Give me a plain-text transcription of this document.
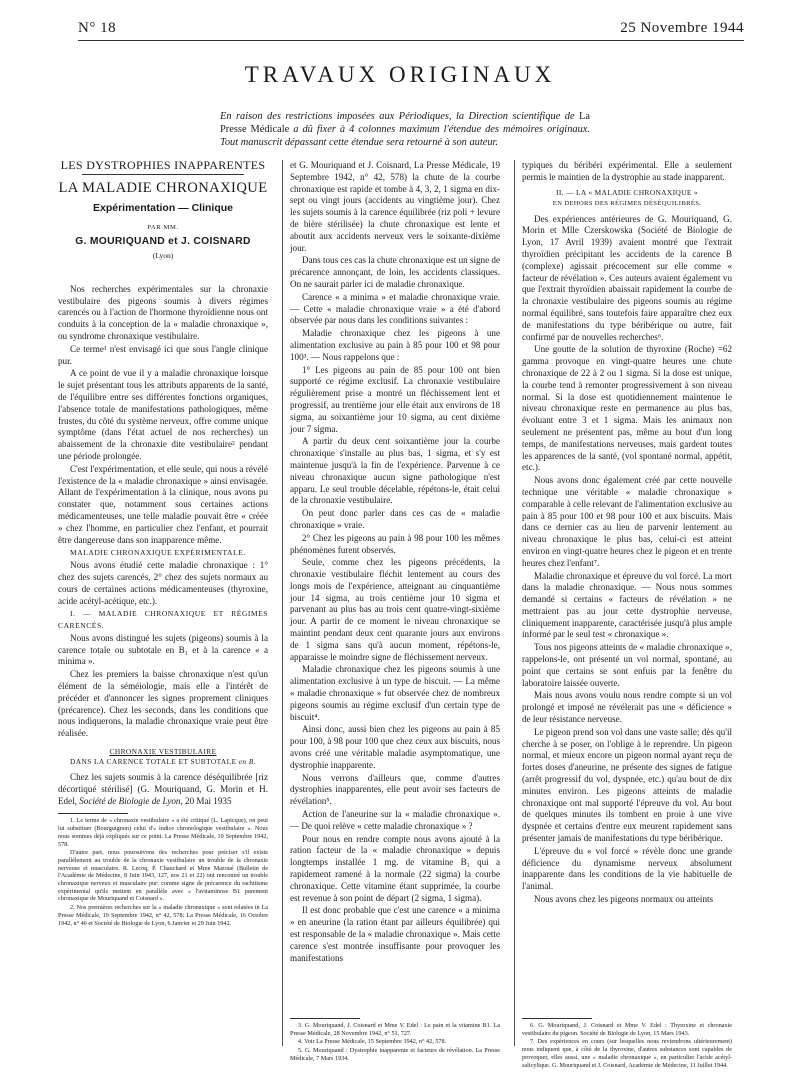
N° 18	25 Novembre 1944
TRAVAUX ORIGINAUX
En raison des restrictions imposées aux Périodiques, la Direction scientifique de La Presse Médicale a dû fixer à 4 colonnes maximum l'étendue des mémoires originaux. Tout manuscrit dépassant cette étendue sera retourné à son auteur.
LES DYSTROPHIES INAPPARENTES
LA MALADIE CHRONAXIQUE
Expérimentation — Clinique
PAR MM.
G. MOURIQUAND et J. COISNARD
(Lyon)

Nos recherches expérimentales sur la chronaxie vestibulaire des pigeons soumis à divers régimes carencés ou à l'action de l'hormone thyroïdienne nous ont conduits à la conception de la « maladie chronaxique », ou syndrome chronaxique vestibulaire.

Ce terme¹ n'est envisagé ici que sous l'angle clinique pur.

A ce point de vue il y a maladie chronaxique lorsque le sujet présentant tous les attributs apparents de la santé, de l'équilibre entre ses différentes fonctions organiques, l'absence totale de manifestations pathologiques, même frustes, du côté du système nerveux, offre comme unique symptôme (dans l'état actuel de nos recherches) un abaissement de la chronaxie dite vestibulaire² pendant une période prolongée.

C'est l'expérimentation, et elle seule, qui nous a révélé l'existence de la « maladie chronaxique » ainsi envisagée. Allant de l'expérimentation à la clinique, nous avons pu constater que, notamment sous certaines actions médicamenteuses, une telle maladie pouvait être « créée » chez l'homme, en particulier chez l'enfant, et pourrait être dangereuse dans son inapparence même.

MALADIE CHRONAXIQUE EXPÉRIMENTALE.

Nous avons étudié cette maladie chronaxique : 1° chez des sujets carencés, 2° chez des sujets normaux au cours de certaines actions médicamenteuses (thyroxine, acide acétyl-acétique, etc.).

I. — MALADIE CHRONAXIQUE ET RÉGIMES CARENCÉS.

Nous avons distingué les sujets (pigeons) soumis à la carence totale ou subtotale en B₁ et à la carence « a minima ».

Chez les premiers la baisse chronaxique n'est qu'un élément de la séméiologie, mais elle a l'intérêt de précéder et d'annoncer les signes proprement cliniques (précarence). Chez les seconds, dans les conditions que nous indiquerons, la maladie chronaxique vraie peut être réalisée.

CHRONAXIE VESTIBULAIRE
DANS LA CARENCE TOTALE ET SUBTOTALE en B.

Chez les sujets soumis à la carence déséquilibrée [riz décortiqué stérilisé] (G. Mouriquand, G. Morin et H. Edel, Société de Biologie de Lyon, 20 Mai 1935

1. Le terme de « chronaxie vestibulaire » a été critiqué (L. Lapicque), on peut lui substituer (Bourguignon) celui d'« indice chronologique vestibulaire ». Nous nous sommes déjà expliqués sur ce point. La Presse Médicale, 19 Septembre 1942, 578.

D'autre part, nous poursuivons des recherches pour préciser s'il existe parallèlement au trouble de la chronaxie vestibulaire un trouble de la chronaxie nerveuse et musculaire. R. Lecoq, P. Chauchard et Mme Mazoué (Bulletin de l'Académie de Médecine, 8 Juin 1943, 127, nos 21 et 22) ont rencontré un trouble chronaxique nerveux et musculaire pur: comme signe de précarence du rachitisme expérimental qu'ils mettent en parallèle avec « l'avitaminose B1 purement chronaxique de Mouriquand et Coisnard ».

2. Nos premières recherches sur la « maladie chronaxique » sont relatées in La Presse Médicale, 19 Septembre 1942, n° 42, 578; La Presse Médicale, 16 Octobre 1942, n° 46 et Société de Biologie de Lyon, 6 Janvier et 29 Juin 1942.

et G. Mouriquand et J. Coisnard, La Presse Médicale, 19 Septembre 1942, n° 42, 578) la chute de la courbe chronaxique est rapide et tombe à 4, 3, 2, 1 sigma en dix-sept ou vingt jours (accidents au vingtième jour). Chez les sujets soumis à la carence équilibrée (riz poli + levure de bière stérilisée) la chute chronaxique est lente et aboutit aux accidents nerveux vers le soixante-dixième jour.

Dans tous ces cas la chute chronaxique est un signe de précarence annonçant, de loin, les accidents classiques. On ne saurait parler ici de maladie chronaxique.

Carence « a minima » et maladie chronaxique vraie. — Cette « maladie chronaxique vraie » a été d'abord observée par nous dans les conditions suivantes :

Maladie chronaxique chez les pigeons à une alimentation exclusive au pain à 85 pour 100 et 98 pour 100³. — Nous rappelons que :

1° Les pigeons au pain de 85 pour 100 ont bien supporté ce régime exclusif. La chronaxie vestibulaire régulièrement prise a montré un fléchissement lent et progressif, au trentième jour elle était aux environs de 18 sigma, au soixantième jour 10 sigma, au cent dixième jour 7 sigma.

A partir du deux cent soixantième jour la courbe chronaxique s'installe au plus bas, 1 sigma, et s'y est maintenue jusqu'à la fin de l'expérience. Parvenue à ce niveau chronaxique aucun signe pathologique n'est apparu. Le seul trouble décelable, répétons-le, était celui de la chronaxie vestibulaire.

On peut donc parler dans ces cas de « maladie chronaxique » vraie.

2° Chez les pigeons au pain à 98 pour 100 les mêmes phénomènes furent observés.

Seule, comme chez les pigeons précédents, la chronaxie vestibulaire fléchit lentement au cours des longs mois de l'expérience, atteignant au cinquantième jour 14 sigma, au trois centième jour 10 sigma et parvenant au plus bas au trois cent quatre-vingt-sixième jour. A partir de ce moment le niveau chronaxique se maintint pendant deux cent quarante jours aux environs de 1 sigma sans qu'à aucun moment, répétons-le, apparaisse le moindre signe de fléchissement nerveux.

Maladie chronaxique chez les pigeons soumis à une alimentation exclusive à un type de biscuit. — La même « maladie chronaxique » fut observée chez de nombreux pigeons soumis au régime exclusif d'un certain type de biscuit⁴.

Ainsi donc, aussi bien chez les pigeons au pain à 85 pour 100, à 98 pour 100 que chez ceux aux biscuits, nous avons créé une véritable maladie asymptomatique, une dystrophie inapparente.

Nous verrons d'ailleurs que, comme d'autres dystrophies inapparentes, elle peut avoir ses facteurs de révélation⁵.

Action de l'aneurine sur la « maladie chronaxique ». — De quoi relève « cette maladie chronaxique » ?

Pour nous en rendre compte nous avons ajouté à la ration facteur de la « maladie chronaxique » depuis longtemps installée 1 mg. de vitamine B₁ qui a rapidement ramené à la normale (22 sigma) la courbe chronaxique. Cette vitamine étant supprimée, la courbe est revenue à son point de départ (2 sigma, 1 sigma).

Il est donc probable que c'est une carence « a minima » en aneurine (la ration étant par ailleurs équilibrée) qui est responsable de la « maladie chronaxique ». Mais cette carence s'est montrée insuffisante pour provoquer les manifestations

3. G. Mouriquand, J. Coisnard et Mme V. Edel : Le pain et la vitamine B1. La Presse Médicale, 28 Novembre 1942, n° 51, 727.

4. Voir La Presse Médicale, 15 Septembre 1942, n° 42, 578.

5. G. Mouriquand : Dystrophie inapparente et facteurs de révélation. La Presse Médicale, 7 Mars 1934.

typiques du béribéri expérimental. Elle a seulement permis le maintien de la dystrophie au stade inapparent.

II. — LA « MALADIE CHRONAXIQUE »
EN DEHORS DES RÉGIMES DÉSÉQUILIBRÉS.

Des expériences antérieures de G. Mouriquand, G. Morin et Mlle Czerskowska (Société de Biologie de Lyon, 17 Avril 1939) avaient montré que l'extrait thyroïdien précipitant les accidents de la carence B (complexe) agissait précocement sur elle comme « facteur de révélation ». Ces auteurs avaient également vu que l'extrait thyroïdien abaissait rapidement la courbe de la chronaxie vestibulaire des pigeons soumis au régime normal équilibré, sans toutefois faire apparaître chez eux de manifestations du type béribérique ou autre, fait confirmé par de nouvelles recherches⁶.

Une goutte de la solution de thyroxine (Roche) =62 gamma provoque en vingt-quatre heures une chute chronaxique de 22 à 2 ou 1 sigma. Si la dose est unique, la courbe tend à remonter progressivement à son niveau normal. Si la dose est quotidiennement maintenue le niveau chronaxique reste en permanence au plus bas, évoluant entre 3 et 1 sigma. Mais les animaux non seulement ne présentent pas, même au bout d'un long temps, de manifestations nerveuses, mais gardent toutes les apparences de la santé, (vol spontané normal, appétit, etc.).

Nous avons donc également créé par cette nouvelle technique une véritable « maladie chronaxique » comparable à celle relevant de l'alimentation exclusive au pain à 85 pour 100 et 98 pour 100 et aux biscuits. Mais dans ce dernier cas au lieu de parvenir lentement au niveau chronaxique le plus bas, celui-ci est atteint environ en vingt-quatre heures chez le pigeon et en trente heures chez l'enfant⁷.

Maladie chronaxique et épreuve du vol forcé. La mort dans la maladie chronaxique. — Nous nous sommes demandé si certains « facteurs de révélation » ne mettraient pas au jour cette dystrophie nerveuse, cliniquement inapparente, caractérisée jusqu'à plus ample informé par le seul test « chronaxique ».

Tous nos pigeons atteints de « maladie chronaxique », rappelons-le, ont présenté un vol normal, spontané, au point que certains se sont enfuis par la fenêtre du laboratoire laissée ouverte.

Mais nous avons voulu nous rendre compte si un vol prolongé et imposé ne révélerait pas une « déficience » de leur résistance nerveuse.

Le pigeon prend son vol dans une vaste salle; dès qu'il cherche à se poser, on l'oblige à le reprendre. Un pigeon normal, et mieux encore un pigeon normal ayant reçu de fortes doses d'aneurine, ne présente des signes de fatigue (arrêt progressif du vol, dyspnée, etc.) qu'au bout de dix minutes environ. Les pigeons atteints de maladie chronaxique ont mal supporté l'épreuve du vol. Au bout de quelques minutes ils tombent en proie à une vive dyspnée et certains d'entre eux meurent rapidement sans présenter jamais de manifestations du type béribérique.

L'épreuve du « vol forcé » révèle donc une grande déficience du dynamisme nerveux absolument inapparente dans les conditions de la vie habituelle de l'animal.

Nous avons chez les pigeons normaux ou atteints

6. G. Mouriquand, J. Coisnard et Mme V. Edel : Thyroxine et chronaxie vestibulaire du pigeon. Société de Biologie de Lyon, 15 Mars 1943.

7. Des expériences en cours (sur lesquelles nous reviendrons ultérieurement) nous indiquent que, à côté de la thyroxine, d'autres substances sont capables de provoquer, elles aussi, une « maladie chronaxique », en particulier l'acide acétyl-salicylique. G. Mouriquand et J. Coisnard, Académie de Médecine, 11 Juillet 1944.
